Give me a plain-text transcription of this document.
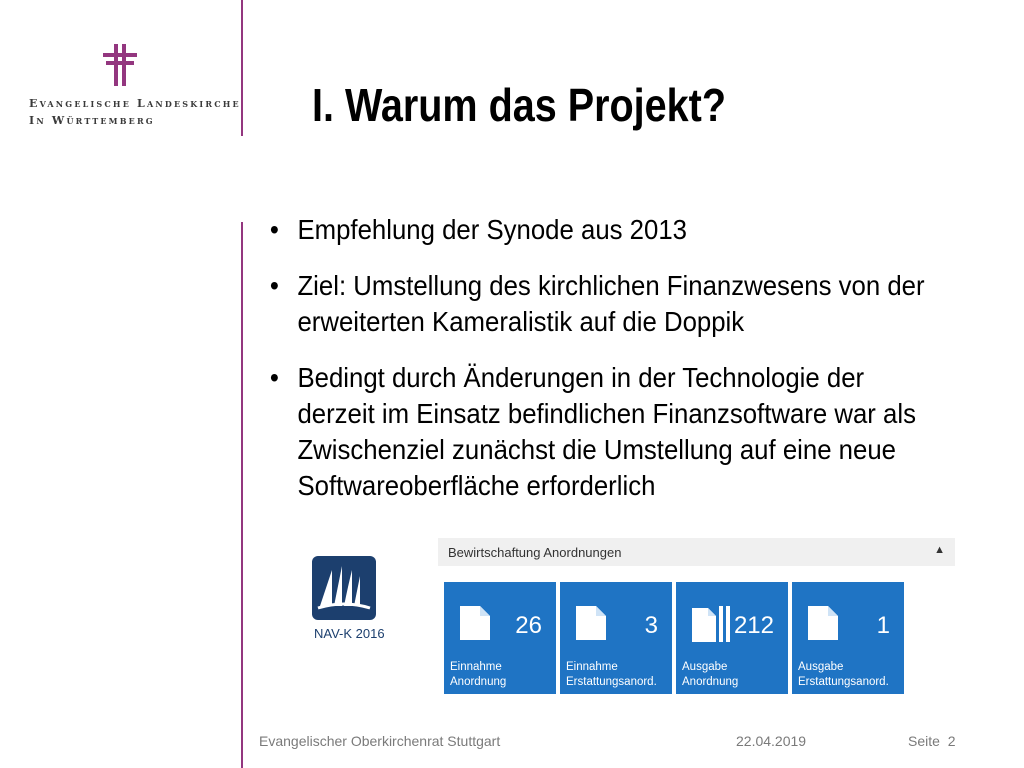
Evangelische Landeskirche
In Württemberg	I. Warum das Projekt?
• Empfehlung der Synode aus 2013
• Ziel: Umstellung des kirchlichen Finanzwesens von der erweiterten Kameralistik auf die Doppik
• Bedingt durch Änderungen in der Technologie der derzeit im Einsatz befindlichen Finanzsoftware war als Zwischenziel zunächst die Umstellung auf eine neue Softwareoberfläche erforderlich
NAV-K 2016
Bewirtschaftung Anordnungen	▲
26
Einnahme
Anordnung
3
Einnahme
Erstattungsanord.
212
Ausgabe
Anordnung
1
Ausgabe
Erstattungsanord.
Evangelischer Oberkirchenrat Stuttgart	22.04.2019	Seite  2
